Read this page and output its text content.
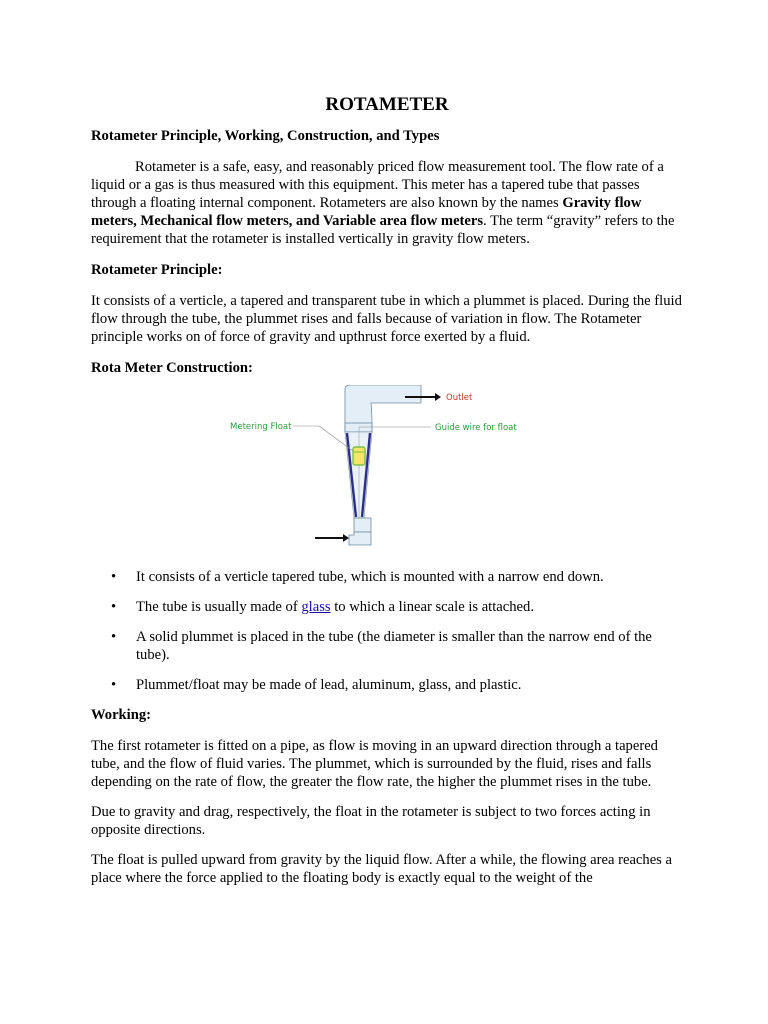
ROTAMETER

Rotameter Principle, Working, Construction, and Types

Rotameter is a safe, easy, and reasonably priced flow measurement tool. The flow rate of a liquid or a gas is thus measured with this equipment. This meter has a tapered tube that passes through a floating internal component. Rotameters are also known by the names Gravity flow meters, Mechanical flow meters, and Variable area flow meters. The term “gravity” refers to the requirement that the rotameter is installed vertically in gravity flow meters.

Rotameter Principle:

It consists of a verticle, a tapered and transparent tube in which a plummet is placed. During the fluid flow through the tube, the plummet rises and falls because of variation in flow. The Rotameter principle works on of force of gravity and upthrust force exerted by a fluid.

Rota Meter Construction:

Outlet
Metering Float	Guide wire for float
• It consists of a verticle tapered tube, which is mounted with a narrow end down.
• The tube is usually made of glass to which a linear scale is attached.
• A solid plummet is placed in the tube (the diameter is smaller than the narrow end of the tube).
• Plummet/float may be made of lead, aluminum, glass, and plastic.

Working:

The first rotameter is fitted on a pipe, as flow is moving in an upward direction through a tapered tube, and the flow of fluid varies. The plummet, which is surrounded by the fluid, rises and falls depending on the rate of flow, the greater the flow rate, the higher the plummet rises in the tube.

Due to gravity and drag, respectively, the float in the rotameter is subject to two forces acting in opposite directions.

The float is pulled upward from gravity by the liquid flow. After a while, the flowing area reaches a place where the force applied to the floating body is exactly equal to the weight of the
